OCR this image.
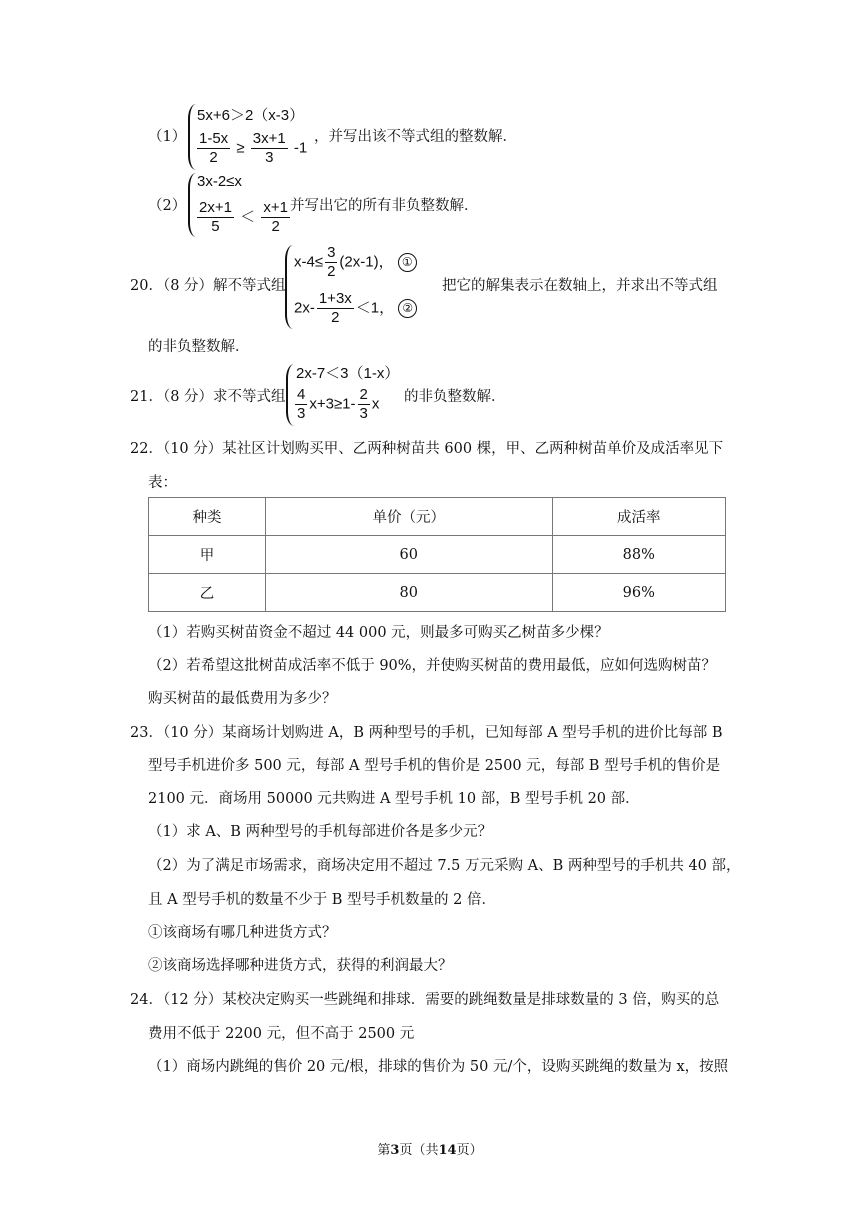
（1）
5x+6＞2（x-3）
$\frac{1-5x}{2} \ge \frac{3x+1}{3} -1$
，并写出该不等式组的整数解．
（2）
3x-2≤x
$\frac{2x+1}{5} < \frac{x+1}{2}$ 并写出它的所有非负整数解．
20．（8 分）解不等式组
$x-4\le \frac{3}{2} (2x-1)$， ①
$2x- \frac{1+3x}{2} <1$， ②
把它的解集表示在数轴上，并求出不等式组
的非负整数解．
21．（8 分）求不等式组
2x-7＜3（1-x）
$\frac{4}{3} x+3\ge 1- \frac{2}{3}$ x 的非负整数解．
22．（10 分）某社区计划购买甲、乙两种树苗共 600 棵，甲、乙两种树苗单价及成活率见下
表：
种类	单价（元）	成活率
甲	60	88%
乙	80	96%
（1）若购买树苗资金不超过 44 000 元，则最多可购买乙树苗多少棵？
（2）若希望这批树苗成活率不低于 90%，并使购买树苗的费用最低，应如何选购树苗？
购买树苗的最低费用为多少？
23．（10 分）某商场计划购进 A，B 两种型号的手机，已知每部 A 型号手机的进价比每部 B
型号手机进价多 500 元，每部 A 型号手机的售价是 2500 元，每部 B 型号手机的售价是
2100 元．商场用 50000 元共购进 A 型号手机 10 部，B 型号手机 20 部．
（1）求 A、B 两种型号的手机每部进价各是多少元？
（2）为了满足市场需求，商场决定用不超过 7.5 万元采购 A、B 两种型号的手机共 40 部，
且 A 型号手机的数量不少于 B 型号手机数量的 2 倍．
①该商场有哪几种进货方式？
②该商场选择哪种进货方式，获得的利润最大？
24．（12 分）某校决定购买一些跳绳和排球．需要的跳绳数量是排球数量的 3 倍，购买的总
费用不低于 2200 元，但不高于 2500 元
（1）商场内跳绳的售价 20 元/根，排球的售价为 50 元/个，设购买跳绳的数量为 x，按照
第3页（共14页）
